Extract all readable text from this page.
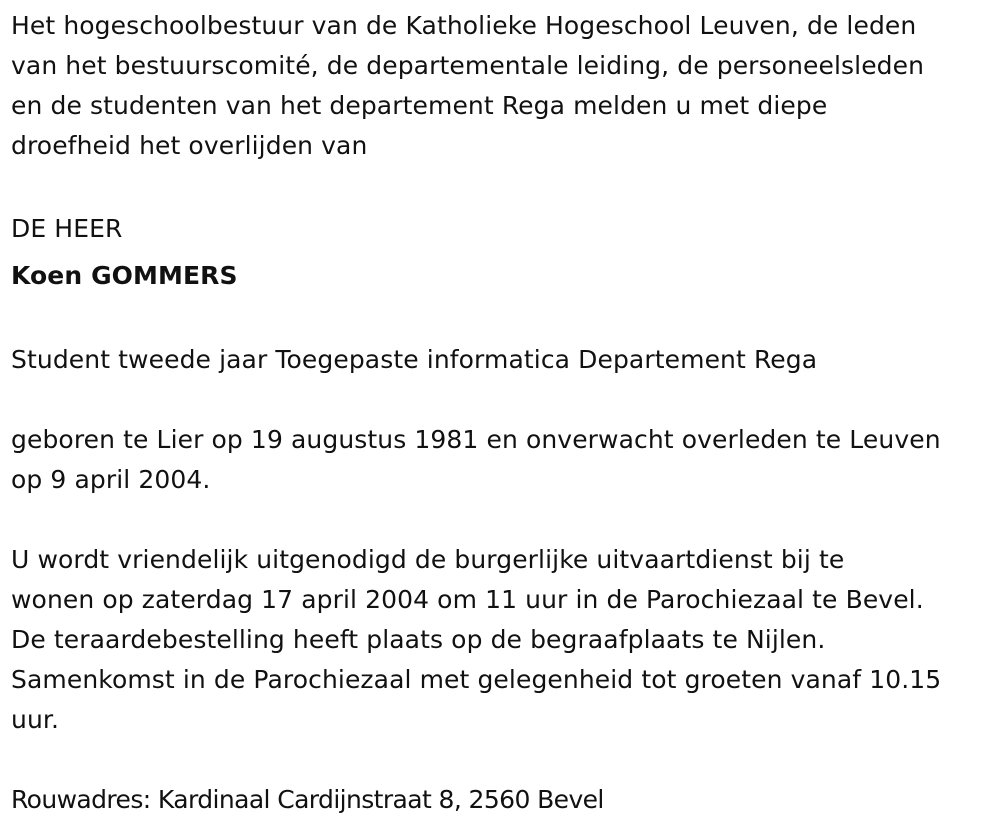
Het hogeschoolbestuur van de Katholieke Hogeschool Leuven, de leden
van het bestuurscomité, de departementale leiding, de personeelsleden
en de studenten van het departement Rega melden u met diepe
droefheid het overlijden van
DE HEER
Koen GOMMERS
Student tweede jaar Toegepaste informatica Departement Rega
geboren te Lier op 19 augustus 1981 en onverwacht overleden te Leuven
op 9 april 2004.
U wordt vriendelijk uitgenodigd de burgerlijke uitvaartdienst bij te
wonen op zaterdag 17 april 2004 om 11 uur in de Parochiezaal te Bevel.
De teraardebestelling heeft plaats op de begraafplaats te Nijlen.
Samenkomst in de Parochiezaal met gelegenheid tot groeten vanaf 10.15
uur.
Rouwadres: Kardinaal Cardijnstraat 8, 2560 Bevel
